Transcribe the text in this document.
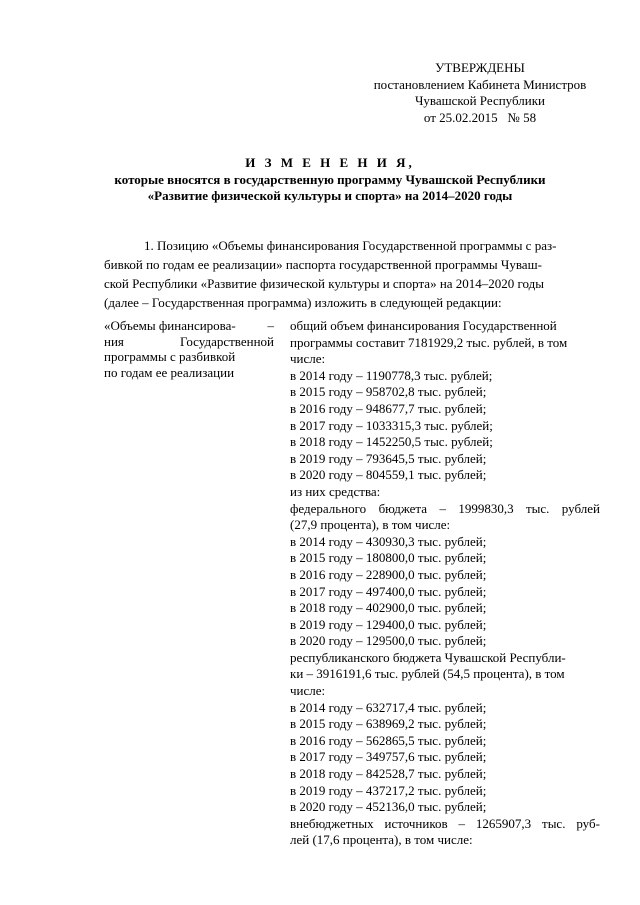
УТВЕРЖДЕНЫ
постановлением Кабинета Министров
Чувашской Республики
от 25.02.2015   № 58
И З М Е Н Е Н И Я,
которые вносятся в государственную программу Чувашской Республики
«Развитие физической культуры и спорта» на 2014–2020 годы
1. Позицию «Объемы финансирования Государственной программы с раз-
бивкой по годам ее реализации» паспорта государственной программы Чуваш-
ской Республики «Развитие физической культуры и спорта» на 2014–2020 годы
(далее – Государственная программа) изложить в следующей редакции:
«Объемы финансирова- –
ния	Государственной
программы с разбивкой
по годам ее реализации
общий объем финансирования Государственной
программы составит 7181929,2 тыс. рублей, в том
числе:
в 2014 году – 1190778,3 тыс. рублей;
в 2015 году – 958702,8 тыс. рублей;
в 2016 году – 948677,7 тыс. рублей;
в 2017 году – 1033315,3 тыс. рублей;
в 2018 году – 1452250,5 тыс. рублей;
в 2019 году – 793645,5 тыс. рублей;
в 2020 году – 804559,1 тыс. рублей;
из них средства:
федерального бюджета – 1999830,3 тыс. рублей
(27,9 процента), в том числе:
в 2014 году – 430930,3 тыс. рублей;
в 2015 году – 180800,0 тыс. рублей;
в 2016 году – 228900,0 тыс. рублей;
в 2017 году – 497400,0 тыс. рублей;
в 2018 году – 402900,0 тыс. рублей;
в 2019 году – 129400,0 тыс. рублей;
в 2020 году – 129500,0 тыс. рублей;
республиканского бюджета Чувашской Республи-
ки – 3916191,6 тыс. рублей (54,5 процента), в том
числе:
в 2014 году – 632717,4 тыс. рублей;
в 2015 году – 638969,2 тыс. рублей;
в 2016 году – 562865,5 тыс. рублей;
в 2017 году – 349757,6 тыс. рублей;
в 2018 году – 842528,7 тыс. рублей;
в 2019 году – 437217,2 тыс. рублей;
в 2020 году – 452136,0 тыс. рублей;
внебюджетных источников – 1265907,3 тыс. руб-
лей (17,6 процента), в том числе:
